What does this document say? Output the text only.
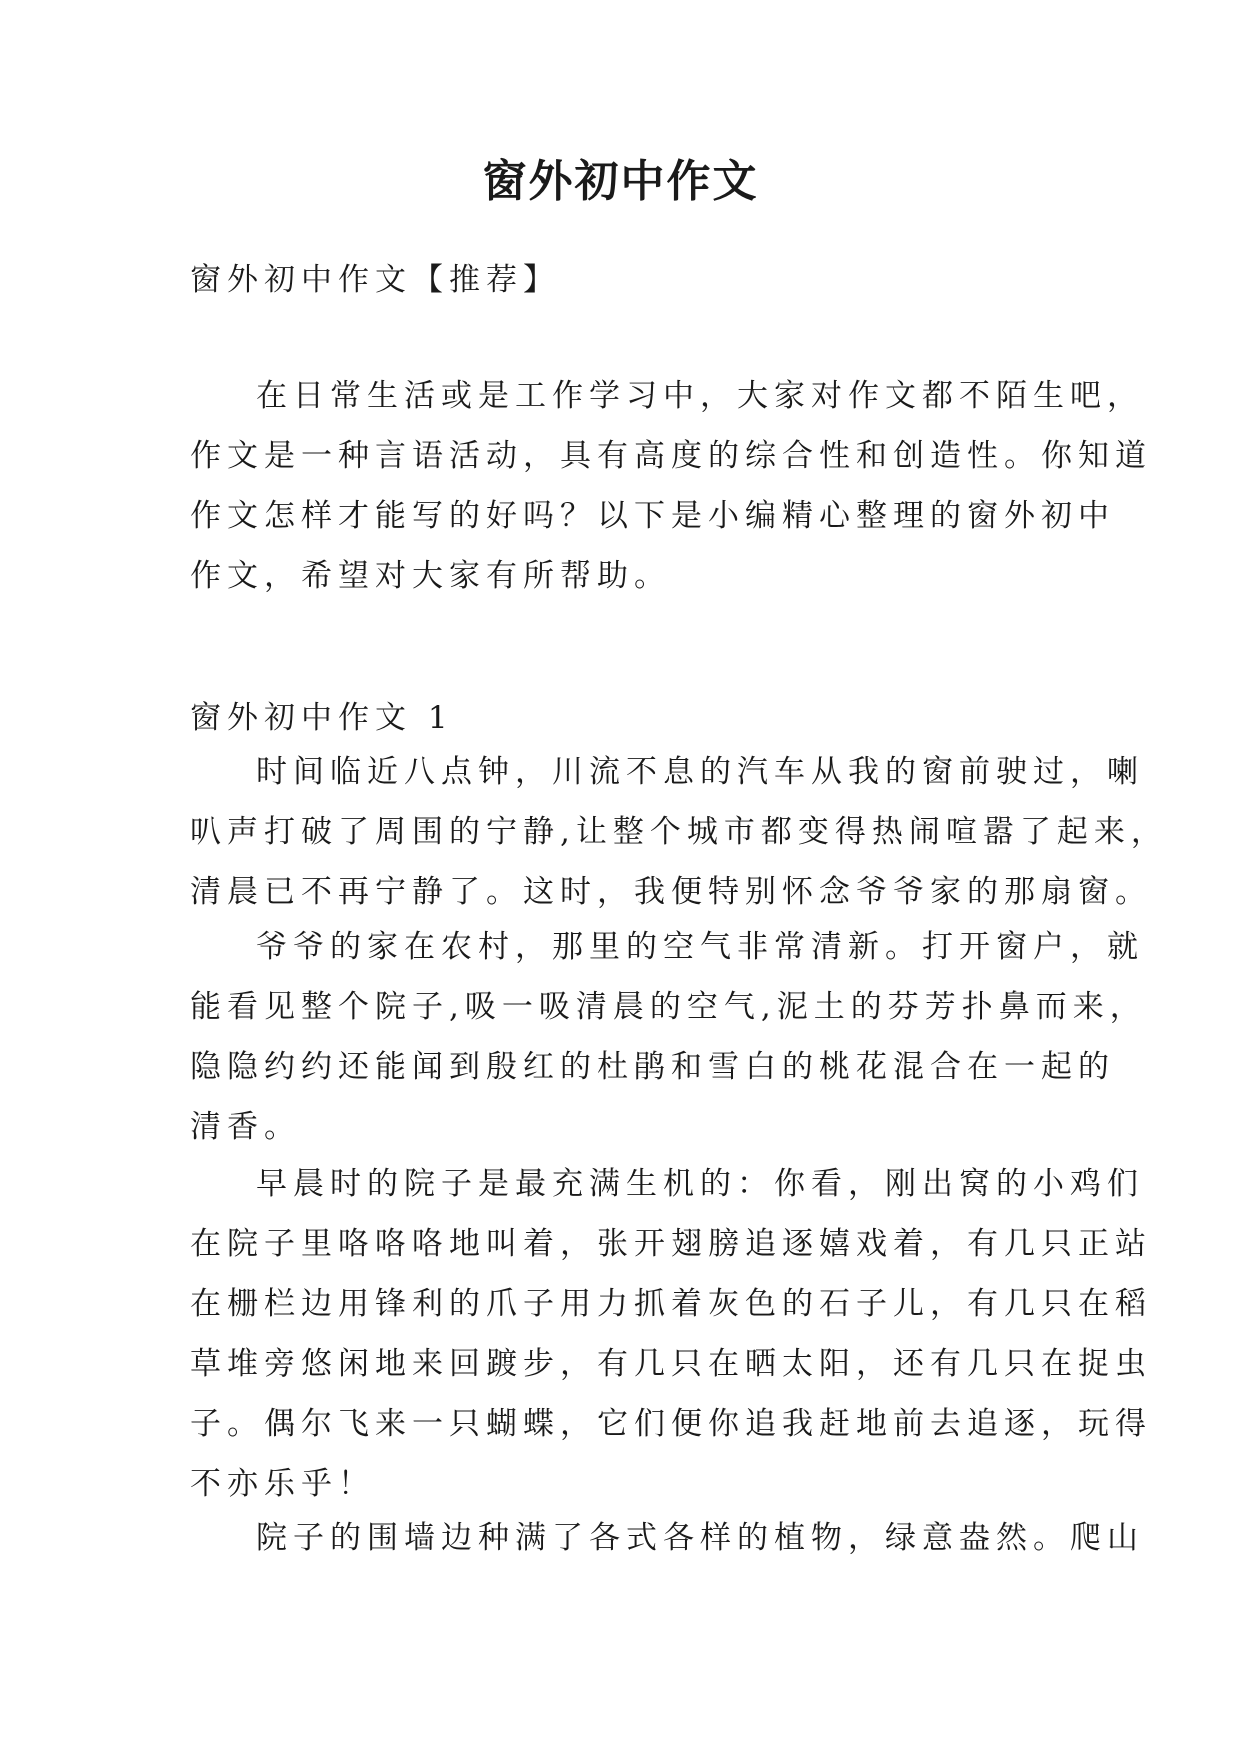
窗外初中作文

窗外初中作文【推荐】

在日常生活或是工作学习中，大家对作文都不陌生吧，
作文是一种言语活动，具有高度的综合性和创造性。你知道
作文怎样才能写的好吗？以下是小编精心整理的窗外初中
作文，希望对大家有所帮助。

窗外初中作文 1

时间临近八点钟，川流不息的汽车从我的窗前驶过，喇
叭声打破了周围的宁静,让整个城市都变得热闹喧嚣了起来，
清晨已不再宁静了。这时，我便特别怀念爷爷家的那扇窗。
爷爷的家在农村，那里的空气非常清新。打开窗户，就
能看见整个院子,吸一吸清晨的空气,泥土的芬芳扑鼻而来，
隐隐约约还能闻到殷红的杜鹃和雪白的桃花混合在一起的
清香。
早晨时的院子是最充满生机的：你看，刚出窝的小鸡们
在院子里咯咯咯地叫着，张开翅膀追逐嬉戏着，有几只正站
在栅栏边用锋利的爪子用力抓着灰色的石子儿，有几只在稻
草堆旁悠闲地来回踱步，有几只在晒太阳，还有几只在捉虫
子。偶尔飞来一只蝴蝶，它们便你追我赶地前去追逐，玩得
不亦乐乎！
院子的围墙边种满了各式各样的植物，绿意盎然。爬山
